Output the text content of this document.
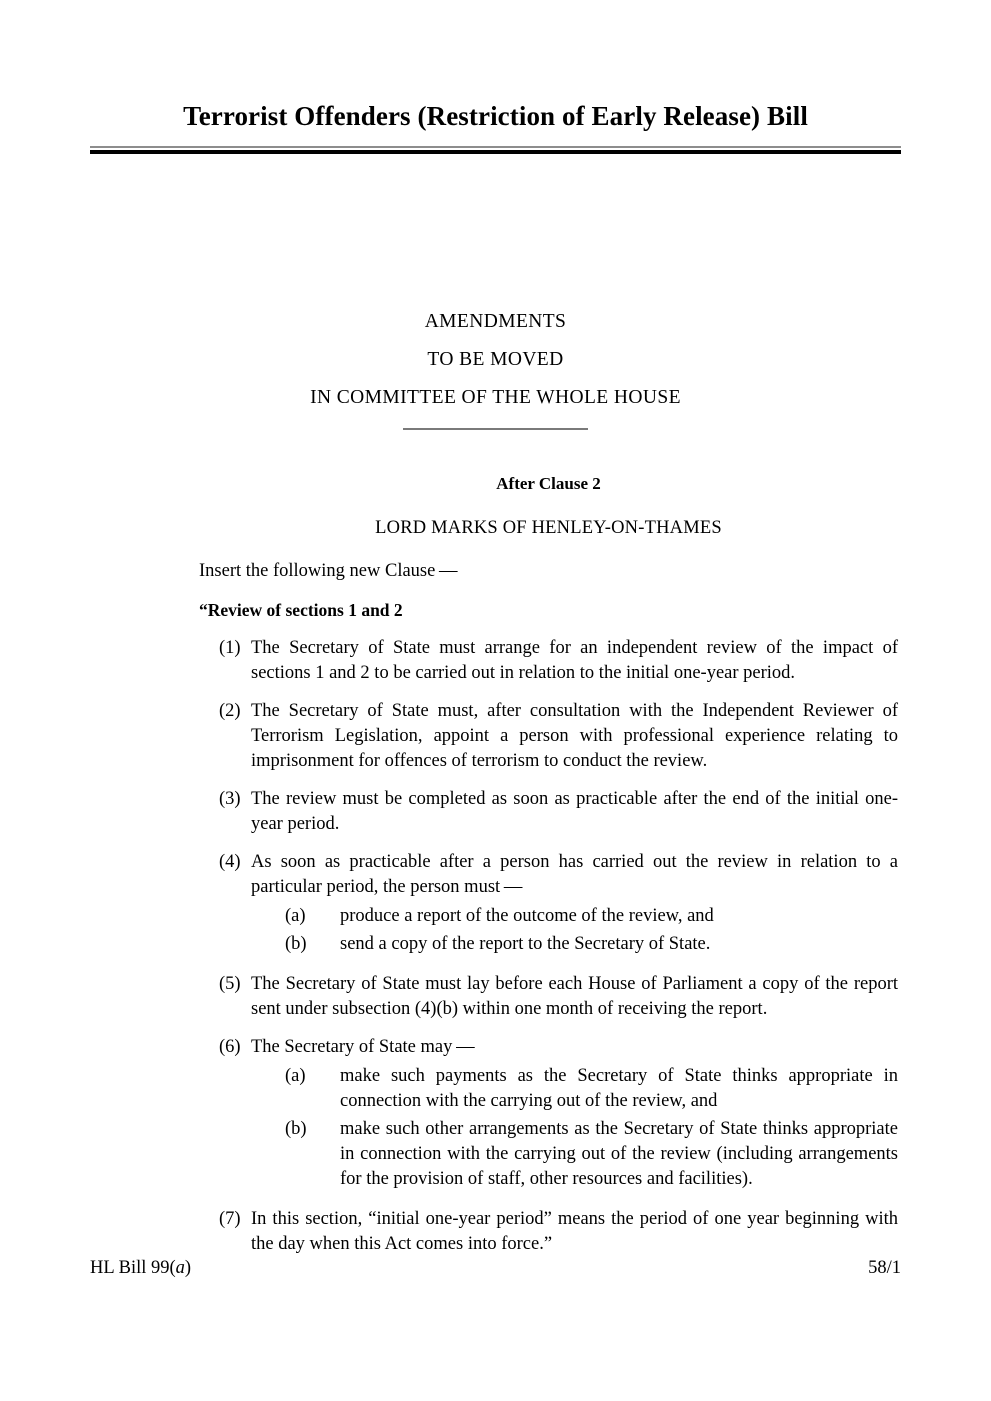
Terrorist Offenders (Restriction of Early Release) Bill
AMENDMENTS
TO BE MOVED
IN COMMITTEE OF THE WHOLE HOUSE
After Clause 2
LORD MARKS OF HENLEY-ON-THAMES
Insert the following new Clause —
“Review of sections 1 and 2
(1) The Secretary of State must arrange for an independent review of the impact of sections 1 and 2 to be carried out in relation to the initial one-year period.
(2) The Secretary of State must, after consultation with the Independent Reviewer of Terrorism Legislation, appoint a person with professional experience relating to imprisonment for offences of terrorism to conduct the review.
(3) The review must be completed as soon as practicable after the end of the initial one-year period.
(4) As soon as practicable after a person has carried out the review in relation to a particular period, the person must —
(a)	produce a report of the outcome of the review, and
(b)	send a copy of the report to the Secretary of State.
(5) The Secretary of State must lay before each House of Parliament a copy of the report sent under subsection (4)(b) within one month of receiving the report.
(6) The Secretary of State may —
(a)	make such payments as the Secretary of State thinks appropriate in connection with the carrying out of the review, and
(b)	make such other arrangements as the Secretary of State thinks appropriate in connection with the carrying out of the review (including arrangements for the provision of staff, other resources and facilities).
(7) In this section, “initial one-year period” means the period of one year beginning with the day when this Act comes into force.”
HL Bill 99(a)	58/1
